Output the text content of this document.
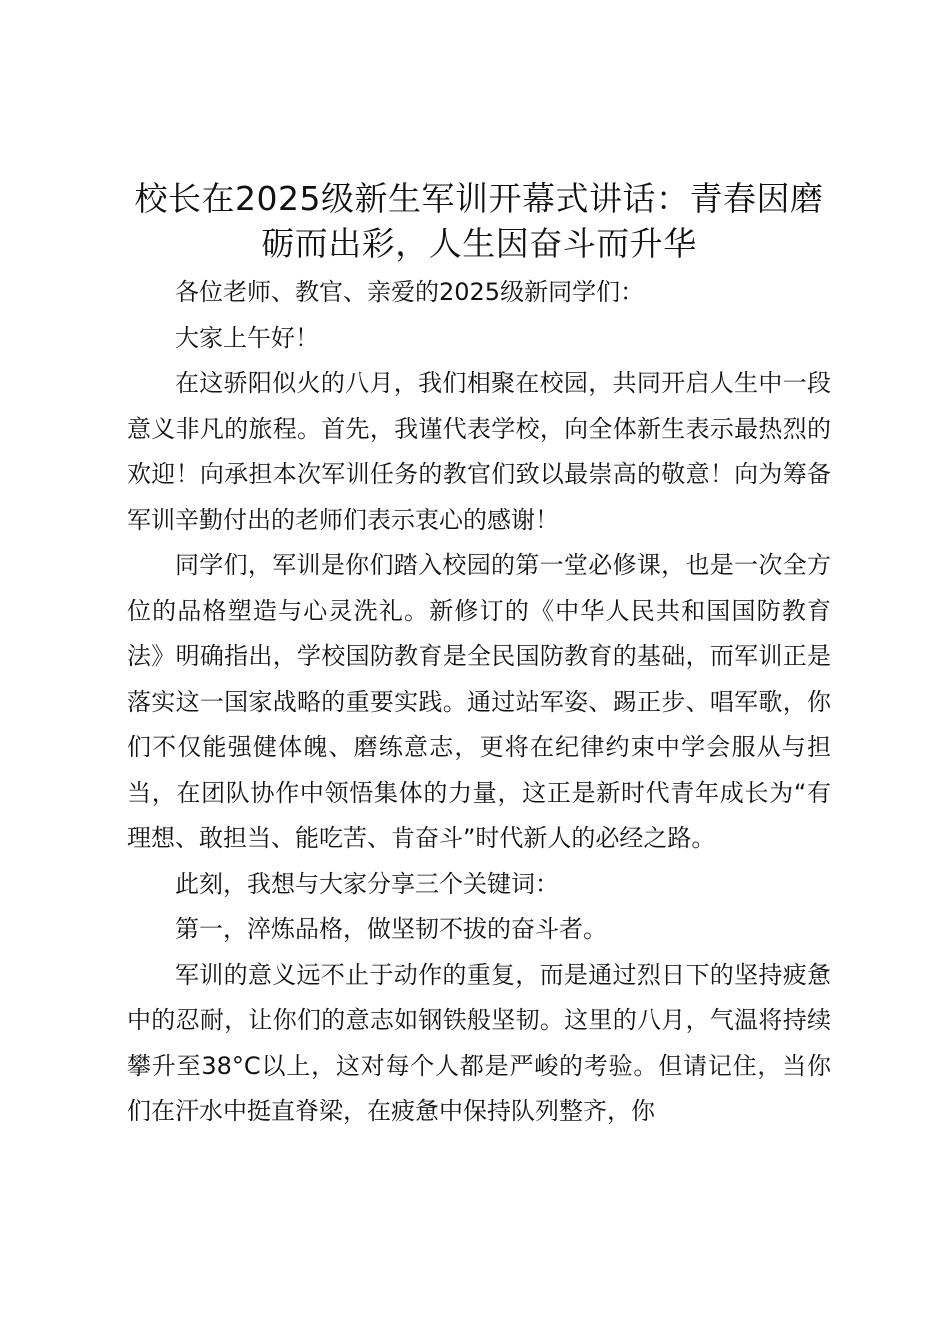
校长在2025级新生军训开幕式讲话：青春因磨砺而出彩，人生因奋斗而升华

各位老师、教官、亲爱的2025级新同学们：

大家上午好！

在这骄阳似火的八月，我们相聚在校园，共同开启人生中一段意义非凡的旅程。首先，我谨代表学校，向全体新生表示最热烈的欢迎！向承担本次军训任务的教官们致以最崇高的敬意！向为筹备军训辛勤付出的老师们表示衷心的感谢！

同学们，军训是你们踏入校园的第一堂必修课，也是一次全方位的品格塑造与心灵洗礼。新修订的《中华人民共和国国防教育法》明确指出，学校国防教育是全民国防教育的基础，而军训正是落实这一国家战略的重要实践。通过站军姿、踢正步、唱军歌，你们不仅能强健体魄、磨练意志，更将在纪律约束中学会服从与担当，在团队协作中领悟集体的力量，这正是新时代青年成长为“有理想、敢担当、能吃苦、肯奋斗”时代新人的必经之路。

此刻，我想与大家分享三个关键词：

第一，淬炼品格，做坚韧不拔的奋斗者。

军训的意义远不止于动作的重复，而是通过烈日下的坚持疲惫中的忍耐，让你们的意志如钢铁般坚韧。这里的八月，气温将持续攀升至38°C以上，这对每个人都是严峻的考验。但请记住，当你们在汗水中挺直脊梁，在疲惫中保持队列整齐，你
